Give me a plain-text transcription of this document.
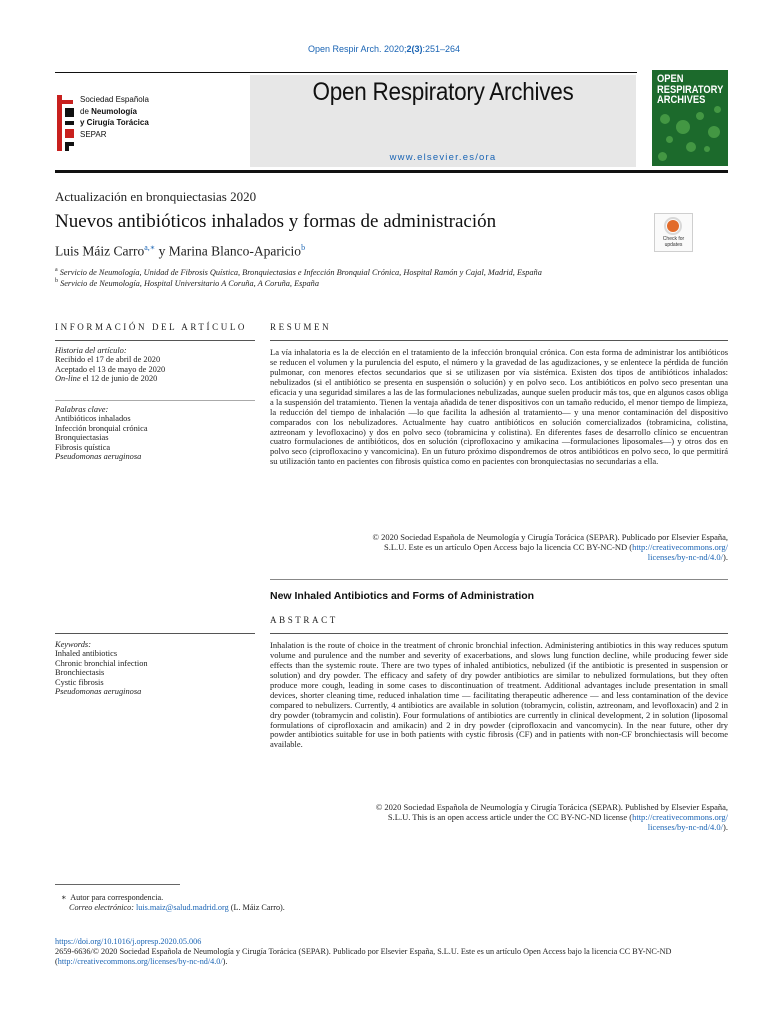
Open Respir Arch. 2020;2(3):251–264
Sociedad Española
de Neumología
y Cirugía Torácica
SEPAR
Open Respiratory Archives
www.elsevier.es/ora
OPEN RESPIRATORY ARCHIVES
Actualización en bronquiectasias 2020
Nuevos antibióticos inhalados y formas de administración
Luis Máiz Carro$^{a,∗}$ y Marina Blanco-Aparicio$^b$
Check for updates
$^a$ Servicio de Neumología, Unidad de Fibrosis Quística, Bronquiectasias e Infección Bronquial Crónica, Hospital Ramón y Cajal, Madrid, España
$^b$ Servicio de Neumología, Hospital Universitario A Coruña, A Coruña, España
INFORMACIÓN DEL ARTÍCULO	RESUMEN
Historia del artículo:
Recibido el 17 de abril de 2020
Aceptado el 13 de mayo de 2020
On-line el 12 de junio de 2020
Palabras clave:
Antibióticos inhalados
Infección bronquial crónica
Bronquiectasias
Fibrosis quística
Pseudomonas aeruginosa
La vía inhalatoria es la de elección en el tratamiento de la infección bronquial crónica. Con esta forma de administrar los antibióticos se reducen el volumen y la purulencia del esputo, el número y la gravedad de las agudizaciones, y se enlentece la pérdida de función pulmonar, con menores efectos secundarios que si se utilizasen por vía sistémica. Existen dos tipos de antibióticos inhalados: nebulizados (si el antibiótico se presenta en suspensión o solución) y en polvo seco. Los antibióticos en polvo seco presentan una eficacia y una seguridad similares a las de las formulaciones nebulizadas, aunque suelen producir más tos, que en algunos casos obliga a la suspensión del tratamiento. Tienen la ventaja añadida de tener dispositivos con un tamaño reducido, el menor tiempo de limpieza, la reducción del tiempo de inhalación —lo que facilita la adhesión al tratamiento— y una menor contaminación del dispositivo comparados con los nebulizadores. Actualmente hay cuatro antibióticos en solución comercializados (tobramicina, colistina, aztreonam y levofloxacino) y dos en polvo seco (tobramicina y colistina). En diferentes fases de desarrollo clínico se encuentran cuatro formulaciones de antibióticos, dos en solución (ciprofloxacino y amikacina —formulaciones liposomales—) y otros dos en polvo seco (ciprofloxacino y vancomicina). En un futuro próximo dispondremos de otros antibióticos en polvo seco, lo que permitirá su utilización tanto en pacientes con fibrosis quística como en pacientes con bronquiectasias no secundarias a ella.
© 2020 Sociedad Española de Neumología y Cirugía Torácica (SEPAR). Publicado por Elsevier España,
S.L.U. Este es un artículo Open Access bajo la licencia CC BY-NC-ND (http://creativecommons.org/
licenses/by-nc-nd/4.0/).
New Inhaled Antibiotics and Forms of Administration
ABSTRACT
Keywords:
Inhaled antibiotics
Chronic bronchial infection
Bronchiectasis
Cystic fibrosis
Pseudomonas aeruginosa
Inhalation is the route of choice in the treatment of chronic bronchial infection. Administering antibiotics in this way reduces sputum volume and purulence and the number and severity of exacerbations, and slows lung function decline, while producing fewer side effects than the systemic route. There are two types of inhaled antibiotics, nebulized (if the antibiotic is presented in suspension or solution) and dry powder. The efficacy and safety of dry powder antibiotics are similar to nebulized formulations, but they often produce more cough, leading in some cases to discontinuation of treatment. Additional advantages include presentation in small devices, shorter cleaning time, reduced inhalation time — facilitating therapeutic adherence — and less contamination of the device compared to nebulizers. Currently, 4 antibiotics are available in solution (tobramycin, colistin, aztreonam, and levofloxacin) and 2 in dry powder (tobramycin and colistin). Four formulations of antibiotics are currently in clinical development, 2 in solution (liposomal formulations of ciprofloxacin and amikacin) and 2 in dry powder (ciprofloxacin and vancomycin). In the near future, other dry powder antibiotics suitable for use in both patients with cystic fibrosis (CF) and in patients with non-CF bronchiectasis will become available.
© 2020 Sociedad Española de Neumología y Cirugía Torácica (SEPAR). Published by Elsevier España,
S.L.U. This is an open access article under the CC BY-NC-ND license (http://creativecommons.org/
licenses/by-nc-nd/4.0/).
∗ Autor para correspondencia.
Correo electrónico: luis.maiz@salud.madrid.org (L. Máiz Carro).
https://doi.org/10.1016/j.opresp.2020.05.006
2659-6636/© 2020 Sociedad Española de Neumología y Cirugía Torácica (SEPAR). Publicado por Elsevier España, S.L.U. Este es un artículo Open Access bajo la licencia CC BY-NC-ND (http://creativecommons.org/licenses/by-nc-nd/4.0/).
